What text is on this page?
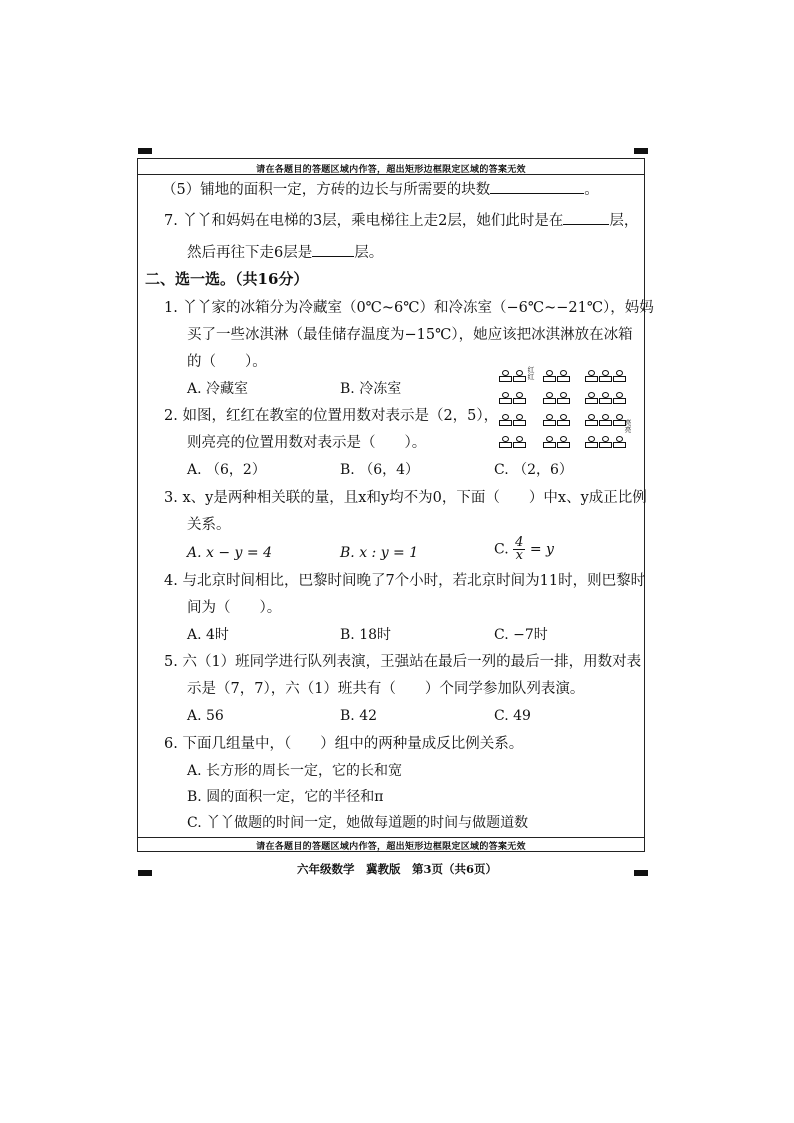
请在各题目的答题区域内作答，超出矩形边框限定区域的答案无效
请在各题目的答题区域内作答，超出矩形边框限定区域的答案无效
（5）铺地的面积一定，方砖的边长与所需要的块数	。
7. 丫丫和妈妈在电梯的3层，乘电梯往上走2层，她们此时是在	层，
然后再往下走6层是	层。
二、选一选。（共16分）
1. 丫丫家的冰箱分为冷藏室（0℃~6℃）和冷冻室（−6℃~−21℃），妈妈
买了一些冰淇淋（最佳储存温度为−15℃），她应该把冰淇淋放在冰箱
的（　　）。
A. 冷藏室	B. 冷冻室
红红
亮亮
2. 如图，红红在教室的位置用数对表示是（2，5），
则亮亮的位置用数对表示是（　　）。
A. （6，2）	B. （6，4）	C. （2，6）
3. x、y是两种相关联的量，且x和y均不为0，下面（　　）中x、y成正比例
关系。
A. x − y = 4	B. x : y = 1	C. $\frac{4}{x} = y$
4. 与北京时间相比，巴黎时间晚了7个小时，若北京时间为11时，则巴黎时
间为（　　）。
A. 4时	B. 18时	C. −7时
5. 六（1）班同学进行队列表演，王强站在最后一列的最后一排，用数对表
示是（7，7），六（1）班共有（　　）个同学参加队列表演。
A. 56	B. 42	C. 49
6. 下面几组量中，（　　）组中的两种量成反比例关系。
A. 长方形的周长一定，它的长和宽
B. 圆的面积一定，它的半径和π
C. 丫丫做题的时间一定，她做每道题的时间与做题道数
六年级数学　冀教版　第3页（共6页）
